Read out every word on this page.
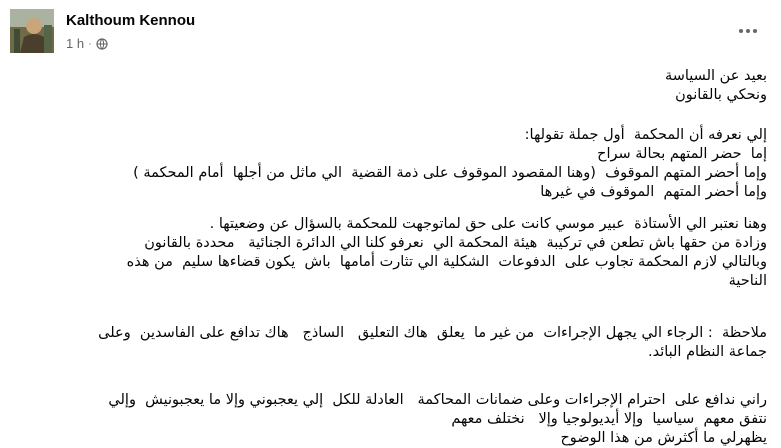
Kalthoum Kennou
1 h ·
بعيد عن السياسة
ونحكي بالقانون
إلي نعرفه أن المحكمة  أول جملة تقولها:
إما  حضر المتهم بحالة سراح
وإما أحضر المتهم الموقوف  (وهنا المقصود الموقوف على ذمة القضية  الي ماثل من أجلها  أمام المحكمة )
وإما أحضر المتهم  الموقوف في غيرها
وهنا نعتبر الي الأستاذة  عبير موسي كانت على حق لماتوجهت للمحكمة بالسؤال عن وضعيتها .
وزادة من حقها باش تطعن في تركيبة  هيئة المحكمة الي  نعرفو كلنا الي الدائرة الجنائية   محددة بالقانون
وبالتالي لازم المحكمة تجاوب على  الدفوعات  الشكلية الي تثارت أمامها  باش  يكون قضاءها سليم  من هذه
الناحية
ملاحظة  : الرجاء الي يجهل الإجراءات  من غير ما  يعلق  هاك التعليق   الساذج   هاك تدافع على الفاسدين  وعلى
جماعة النظام البائد.
راني ندافع على  احترام الإجراءات وعلى ضمانات المحاكمة   العادلة للكل  إلي يعجبوني وإلا ما يعجبونيش  وإلي
نتفق معهم  سياسيا  وإلا أيديولوجيا وإلا   نختلف معهم
يظهرلي ما أكثرش من هذا الوضوح
